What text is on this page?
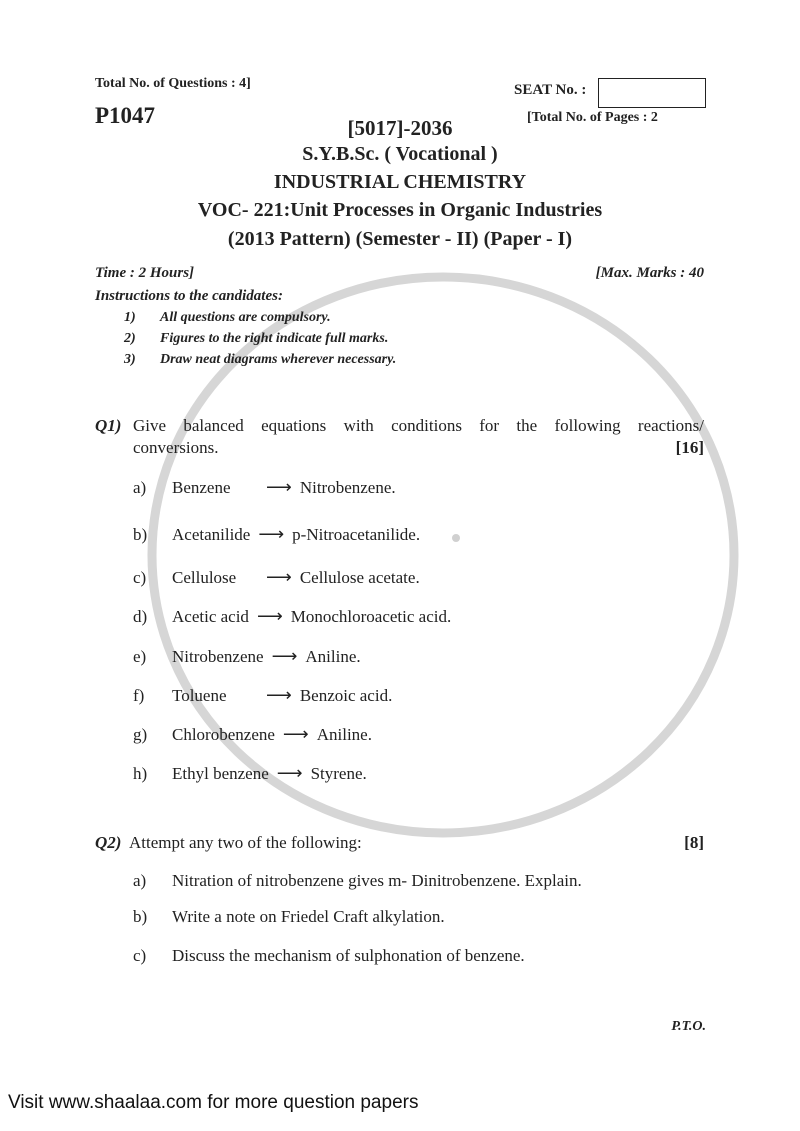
Total No. of Questions : 4]	SEAT No. :
P1047	[Total No. of Pages : 2
[5017]-2036
S.Y.B.Sc. ( Vocational )
INDUSTRIAL CHEMISTRY
VOC- 221:Unit Processes in Organic Industries
(2013 Pattern) (Semester - II) (Paper - I)
Time : 2 Hours]	[Max. Marks : 40
Instructions to the candidates:
1) All questions are compulsory.
2) Figures to the right indicate full marks.
3) Draw neat diagrams wherever necessary.
Q1) Give balanced equations with conditions for the following reactions/
conversions.	[16]
a)	Benzene	⟶ Nitrobenzene.
b)	Acetanilide ⟶ p-Nitroacetanilide.
c)	Cellulose	⟶ Cellulose acetate.
d)	Acetic acid ⟶ Monochloroacetic acid.
e)	Nitrobenzene ⟶ Aniline.
f)	Toluene	⟶ Benzoic acid.
g)	Chlorobenzene ⟶ Aniline.
h)	Ethyl benzene ⟶ Styrene.
Q2) Attempt any two of the following:	[8]
a) Nitration of nitrobenzene gives m- Dinitrobenzene. Explain.
b) Write a note on Friedel Craft alkylation.
c) Discuss the mechanism of sulphonation of benzene.
P.T.O.
Visit www.shaalaa.com for more question papers
